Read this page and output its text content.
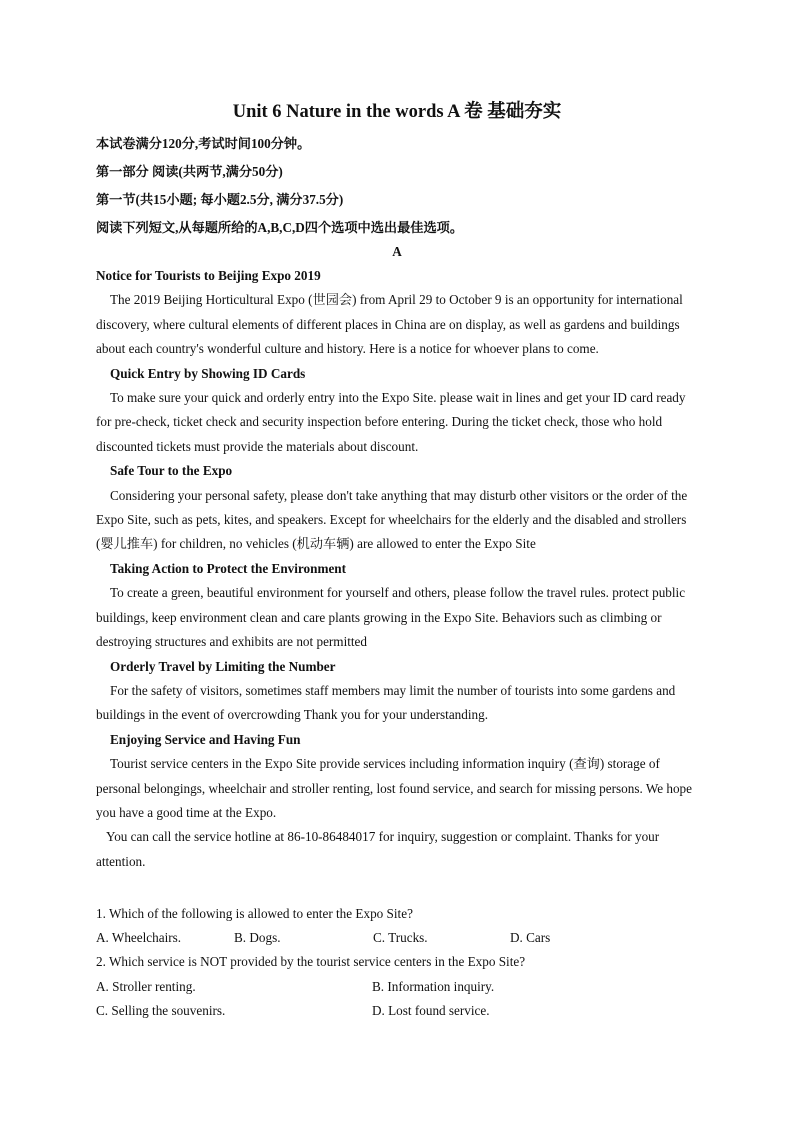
Unit 6 Nature in the words A 卷 基础夯实
本试卷满分120分,考试时间100分钟。
第一部分 阅读(共两节,满分50分)
第一节(共15小题; 每小题2.5分, 满分37.5分)
阅读下列短文,从每题所给的A,B,C,D四个选项中选出最佳选项。
A

Notice for Tourists to Beijing Expo 2019

The 2019 Beijing Horticultural Expo (世园会) from April 29 to October 9 is an opportunity for international discovery, where cultural elements of different places in China are on display, as well as gardens and buildings about each country's wonderful culture and history. Here is a notice for whoever plans to come.

Quick Entry by Showing ID Cards

To make sure your quick and orderly entry into the Expo Site. please wait in lines and get your ID card ready for pre-check, ticket check and security inspection before entering. During the ticket check, those who hold discounted tickets must provide the materials about discount.

Safe Tour to the Expo

Considering your personal safety, please don't take anything that may disturb other visitors or the order of the Expo Site, such as pets, kites, and speakers. Except for wheelchairs for the elderly and the disabled and strollers (婴儿推车) for children, no vehicles (机动车辆) are allowed to enter the Expo Site

Taking Action to Protect the Environment

To create a green, beautiful environment for yourself and others, please follow the travel rules. protect public buildings, keep environment clean and care plants growing in the Expo Site. Behaviors such as climbing or destroying structures and exhibits are not permitted

Orderly Travel by Limiting the Number

For the safety of visitors, sometimes staff members may limit the number of tourists into some gardens and buildings in the event of overcrowding Thank you for your understanding.

Enjoying Service and Having Fun

Tourist service centers in the Expo Site provide services including information inquiry (查询) storage of personal belongings, wheelchair and stroller renting, lost found service, and search for missing persons. We hope you have a good time at the Expo.

You can call the service hotline at 86-10-86484017 for inquiry, suggestion or complaint. Thanks for your attention.

1. Which of the following is allowed to enter the Expo Site?
A. Wheelchairs.	B. Dogs.	C. Trucks.	D. Cars
2. Which service is NOT provided by the tourist service centers in the Expo Site?
A. Stroller renting.	B. Information inquiry.
C. Selling the souvenirs.	D. Lost found service.
